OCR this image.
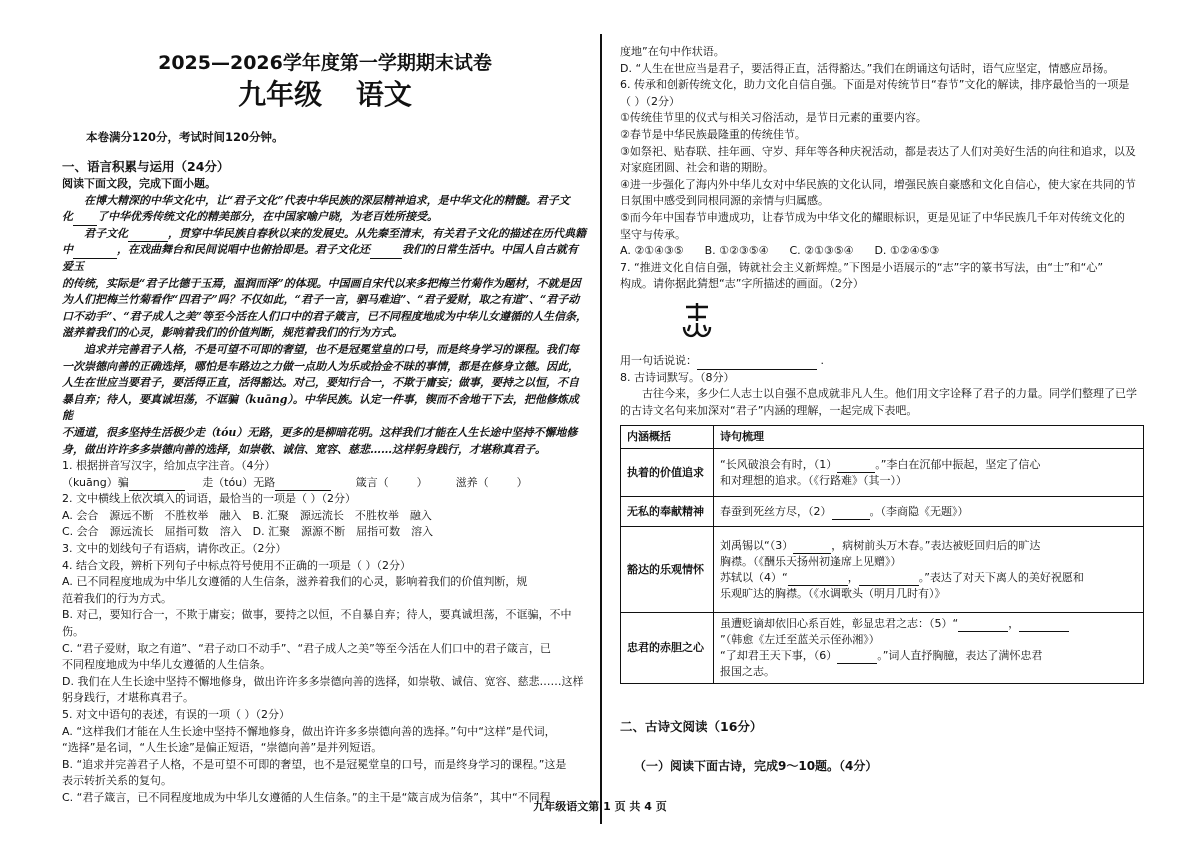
2025—2026学年度第一学期期末试卷
九年级 语文
本卷满分120分，考试时间120分钟。
一、语言积累与运用（24分）

阅读下面文段，完成下面小题。

在博大精深的中华文化中，让“君子文化”代表中华民族的深层精神追求，是中华文化的精髓。君子文

化 了中华优秀传统文化的精美部分，在中国家喻户晓，为老百姓所接受。

君子文化	，贯穿中华民族自春秋以来的发展史。从先秦至清末，有关君子文化的描述在历代典籍

中	，在戏曲舞台和民间说唱中也俯拾即是。君子文化还	我们的日常生活中。中国人自古就有爱玉

的传统，实际是“君子比德于玉焉，温润而泽”的体现。中国画自宋代以来多把梅兰竹菊作为题材，不就是因

为人们把梅兰竹菊看作“四君子”吗？不仅如此，“君子一言，驷马难追”、“君子爱财，取之有道”、“君子动

口不动手”、“君子成人之美”等至今活在人们口中的君子箴言，已不同程度地成为中华儿女遵循的人生信条，

滋养着我们的心灵，影响着我们的价值判断，规范着我们的行为方式。

追求并完善君子人格，不是可望不可即的奢望，也不是冠冕堂皇的口号，而是终身学习的课程。我们每

一次崇德向善的正确选择，哪怕是车路边之力做一点助人为乐或拾金不昧的事情，都是在修身立德。因此，

人生在世应当要君子，要活得正直，活得豁达。对己，要知行合一，不欺于庸妄；做事，要持之以恒，不自

暴自弃；待人，要真诚坦荡，不诓骗（kuāng）。中华民族。认定一件事，锲而不舍地干下去，把他修炼成能

不通道，很多坚持生活极少走（tóu）无路，更多的是柳暗花明。这样我们才能在人生长途中坚持不懈地修

身，做出许许多多崇德向善的选择，如崇敬、诚信、宽容、慈悲……这样躬身践行，才堪称真君子。

1. 根据拼音写汉字，给加点字注音。（4分）

（kuāng）骗	走（tóu）无路	箴言（	）	滋养（	）

2. 文中横线上依次填入的词语，最恰当的一项是（ ）（2分）

A. 会合　源远不断　不胜枚举　融入　B. 汇聚　源远流长　不胜枚举　融入

C. 会合　源远流长　屈指可数　溶入　D. 汇聚　源源不断　屈指可数　溶入

3. 文中的划线句子有语病，请你改正。（2分）

4. 结合文段，辨析下列句子中标点符号使用不正确的一项是（ ）（2分）

A. 已不同程度地成为中华儿女遵循的人生信条，滋养着我们的心灵，影响着我们的价值判断，规

范着我们的行为方式。

B. 对己，要知行合一，不欺于庸妄；做事，要持之以恒，不自暴自弃；待人，要真诚坦荡，不诓骗，不中伤。

C. “君子爱财，取之有道”、“君子动口不动手”、“君子成人之美”等至今活在人们口中的君子箴言，已

不同程度地成为中华儿女遵循的人生信条。

D. 我们在人生长途中坚持不懈地修身，做出许许多多崇德向善的选择，如崇敬、诚信、宽容、慈悲……这样

躬身践行，才堪称真君子。

5. 对文中语句的表述，有误的一项（ ）（2分）

A. “这样我们才能在人生长途中坚持不懈地修身，做出许许多多崇德向善的选择。”句中“这样”是代词，

“选择”是名词，“人生长途”是偏正短语，“崇德向善”是并列短语。

B. “追求并完善君子人格，不是可望不可即的奢望，也不是冠冕堂皇的口号，而是终身学习的课程。”这是

表示转折关系的复句。

C. “君子箴言，已不同程度地成为中华儿女遵循的人生信条。”的主干是“箴言成为信条”，其中“不同程

度地”在句中作状语。

D. “人生在世应当是君子，要活得正直，活得豁达。”我们在朗诵这句话时，语气应坚定，情感应昂扬。

6. 传承和创新传统文化，助力文化自信自强。下面是对传统节日“春节”文化的解读，排序最恰当的一项是

（ ）（2分）

①传统佳节里的仪式与相关习俗活动，是节日元素的重要内容。

②春节是中华民族最隆重的传统佳节。

③如祭祀、贴春联、挂年画、守岁、拜年等各种庆祝活动，都是表达了人们对美好生活的向往和追求，以及

对家庭团圆、社会和谐的期盼。

④进一步强化了海内外中华儿女对中华民族的文化认同，增强民族自豪感和文化自信心，使大家在共同的节

日氛围中感受到同根同源的亲情与归属感。

⑤而今年中国春节申遗成功，让春节成为中华文化的耀眼标识，更是见证了中华民族几千年对传统文化的

坚守与传承。

A. ②①④③⑤ B. ①②③⑤④ C. ②①③⑤④ D. ①②④⑤③

7. “推进文化自信自强，铸就社会主义新辉煌。”下图是小语展示的“志”字的篆书写法，由“士”和“心”

构成。请你据此猜想“志”字所描述的画面。（2分）

用一句话说说：	.

8. 古诗词默写。（8分）

古往今来，多少仁人志士以自强不息成就非凡人生。他们用文字诠释了君子的力量。同学们整理了已学

的古诗文名句来加深对“君子”内涵的理解，一起完成下表吧。

内涵概括	诗句梳理
执着的价值追求	“长风破浪会有时，（1） 。”李白在沉郁中振起，坚定了信心
和对理想的追求。（《行路难》（其一））
无私的奉献精神	春蚕到死丝方尽，（2） 。（李商隐《无题》）
豁达的乐观情怀	刘禹锡以“（3） ，病树前头万木春。”表达被贬回归后的旷达
胸襟。（《酬乐天扬州初逢席上见赠》）
苏轼以（4）“ ， 。”表达了对天下离人的美好祝愿和
乐观旷达的胸襟。（《水调歌头（明月几时有）》
忠君的赤胆之心	虽遭贬谪却依旧心系百姓，彰显忠君之志：（5）“ ，
”（韩愈《左迁至蓝关示侄孙湘》）
“了却君王天下事，（6） 。”词人直抒胸臆，表达了满怀忠君
报国之志。
二、古诗文阅读（16分）

（一）阅读下面古诗，完成9～10题。（4分）

九年级语文第 1 页 共 4 页
